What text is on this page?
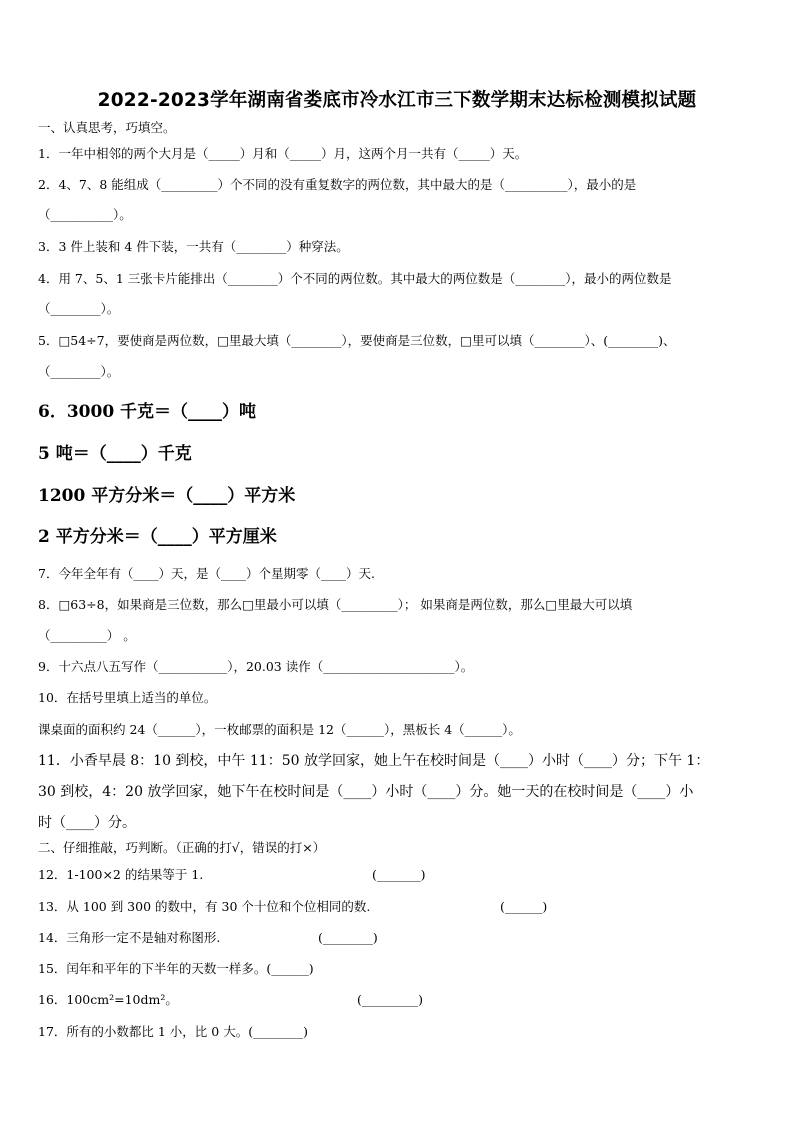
2022-2023学年湖南省娄底市冷水江市三下数学期末达标检测模拟试题
一、认真思考，巧填空。
1．一年中相邻的两个大月是（_____）月和（_____）月，这两个月一共有（_____）天。
2．4、7、8 能组成（_________）个不同的没有重复数字的两位数，其中最大的是（__________），最小的是
（__________）。
3．3 件上装和 4 件下装，一共有（________）种穿法。
4．用 7、5、1 三张卡片能排出（________）个不同的两位数。其中最大的两位数是（________），最小的两位数是
（________）。
5．□54÷7，要使商是两位数，□里最大填（________），要使商是三位数，□里可以填（________）、(________)、
（________）。
6．3000 千克＝（____）吨
5 吨＝（____）千克
1200 平方分米＝（____）平方米
2 平方分米＝（____）平方厘米
7．今年全年有（____）天，是（____）个星期零（____）天.
8．□63÷8，如果商是三位数，那么□里最小可以填（_________）； 如果商是两位数，那么□里最大可以填
（_________） 。
9．十六点八五写作（___________），20.03 读作（_____________________）。
10．在括号里填上适当的单位。
课桌面的面积约 24（______），一枚邮票的面积是 12（______），黑板长 4（______）。
11．小香早晨 8：10 到校，中午 11：50 放学回家，她上午在校时间是（____）小时（____）分；下午 1：
30 到校，4：20 放学回家，她下午在校时间是（____）小时（____）分。她一天的在校时间是（____）小
时（____）分。
二、仔细推敲，巧判断。（正确的打√，错误的打×）
12．1-100×2 的结果等于 1.	(_______)
13．从 100 到 300 的数中，有 30 个十位和个位相同的数.	(______)
14．三角形一定不是轴对称图形.	(________)
15．闰年和平年的下半年的天数一样多。(______)
16．100cm²=10dm²。	(_________)
17．所有的小数都比 1 小，比 0 大。(________)
